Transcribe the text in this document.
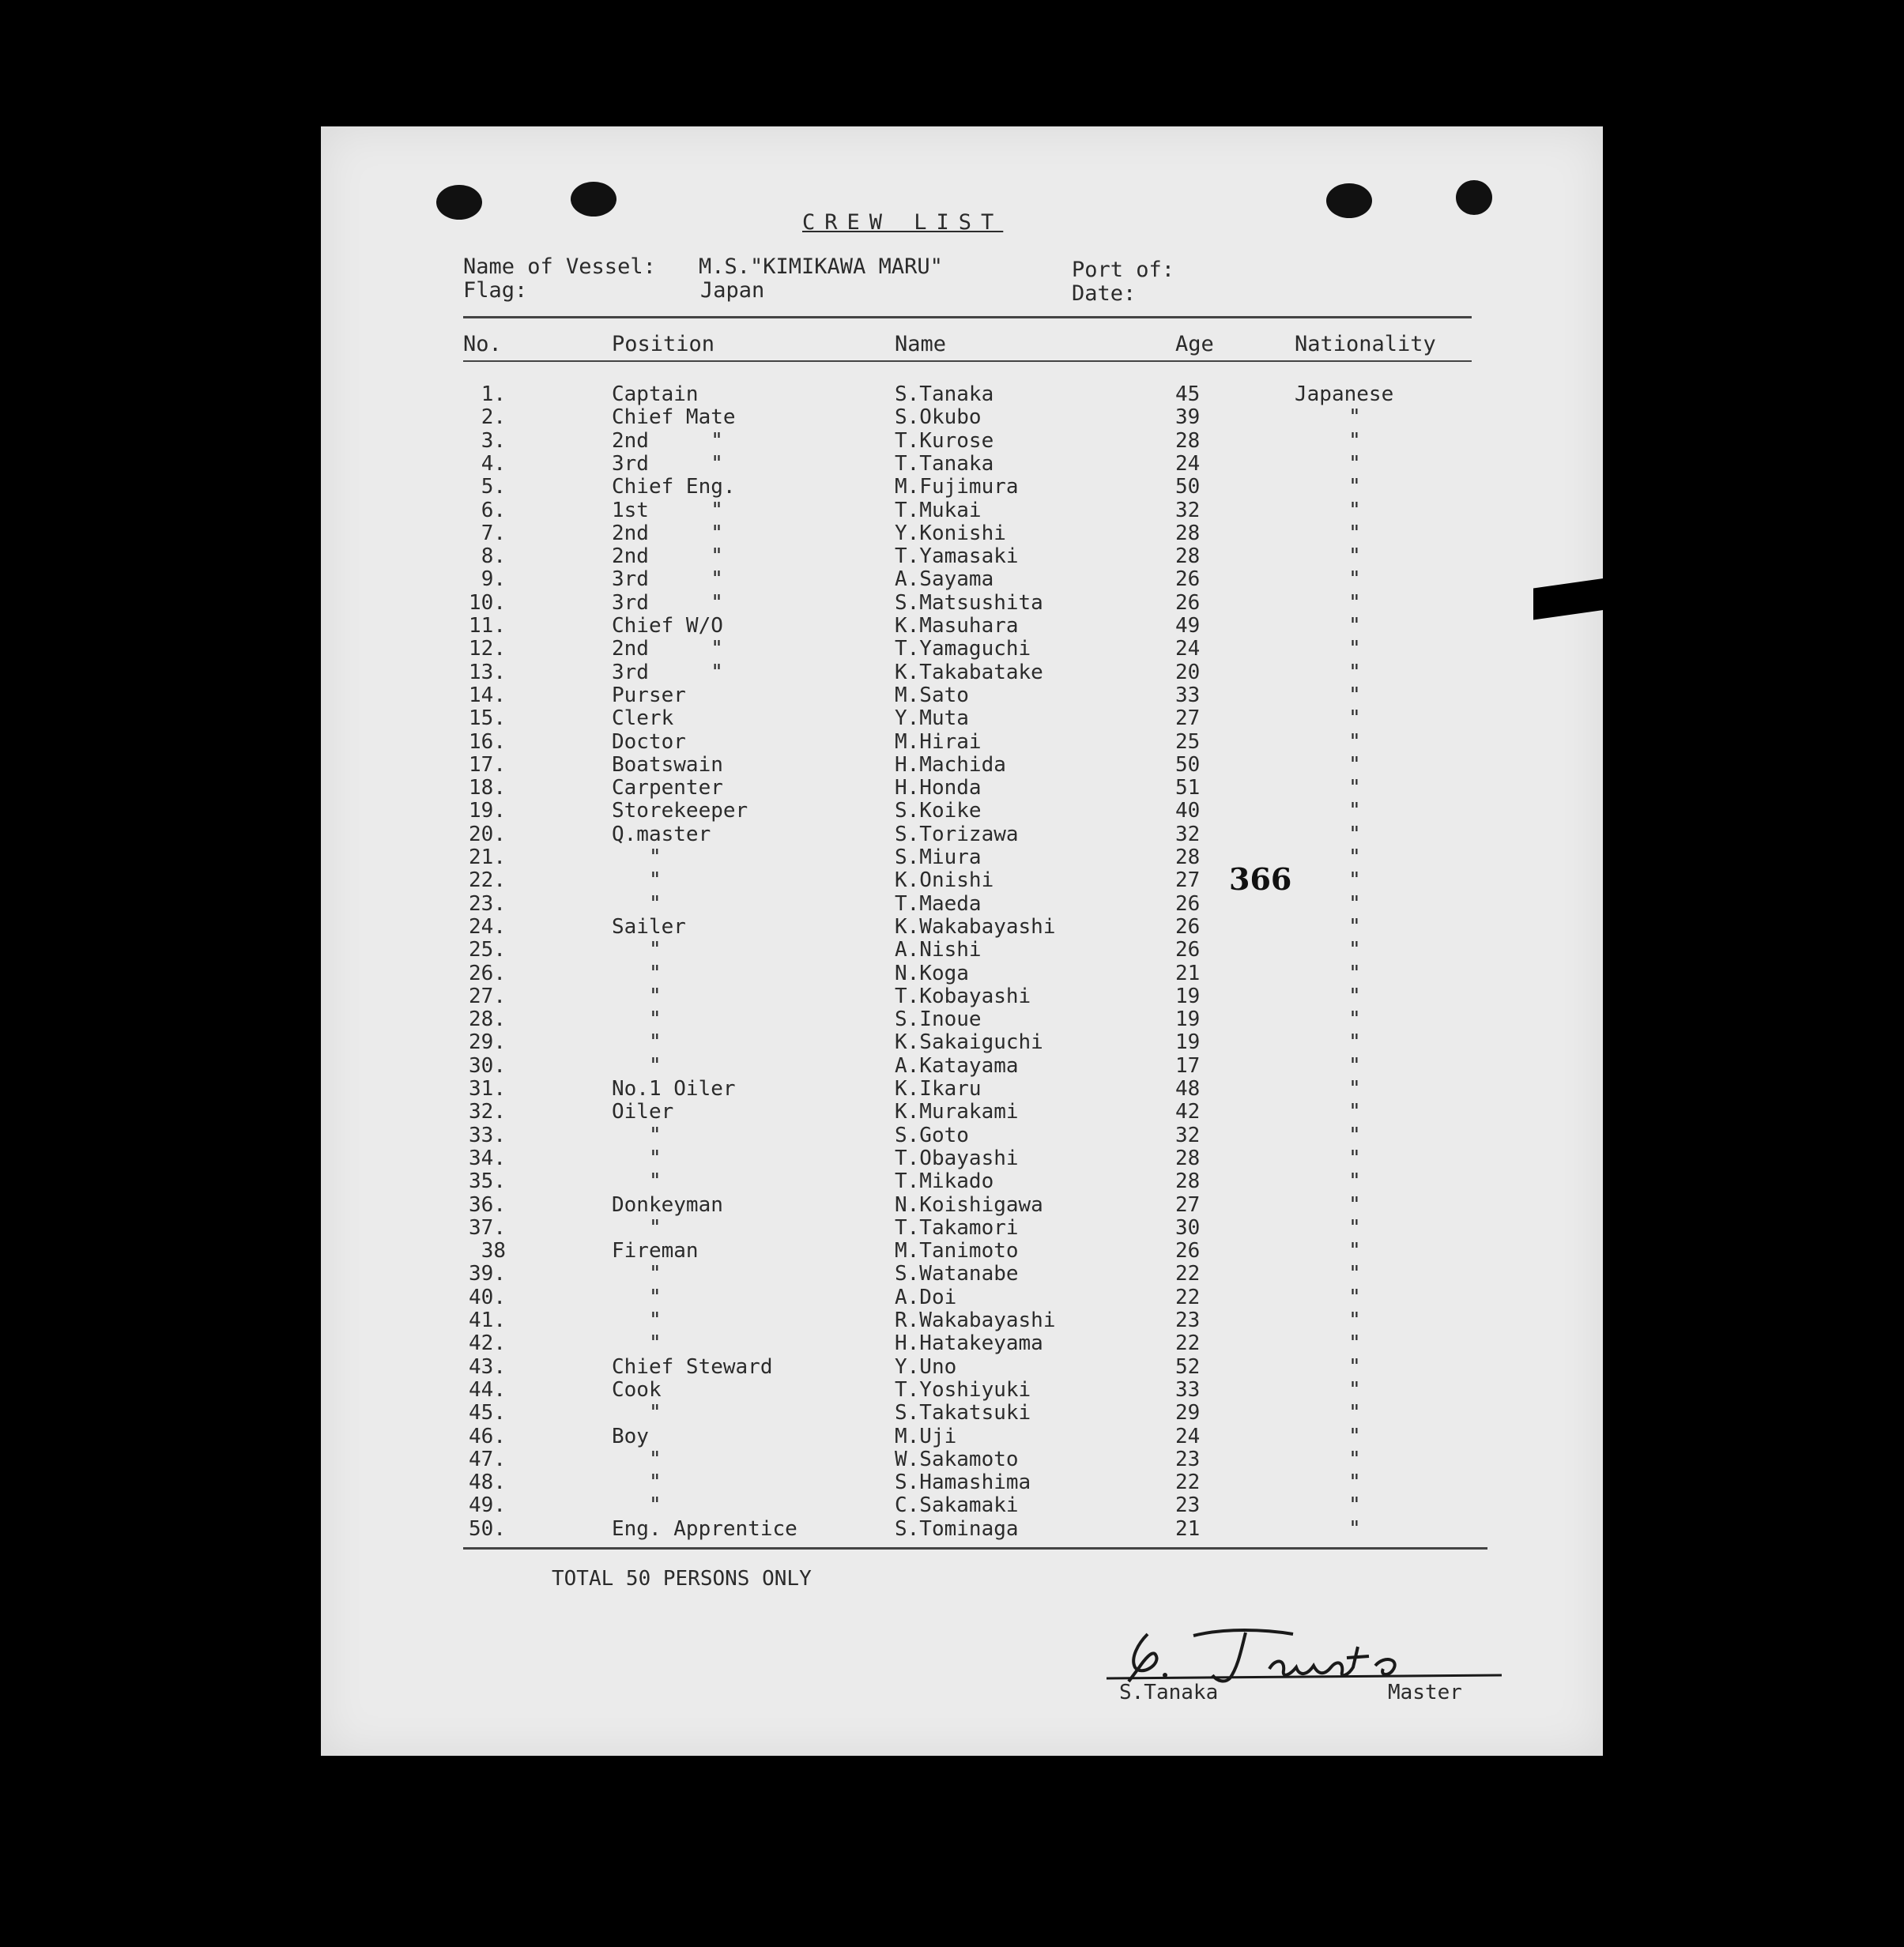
CREW LIST
Name of Vessel: M.S."KIMIKAWA MARU"
Flag:	Japan
Port of:
Date:
No.	Position	Name	Age	Nationality
1.	Captain	S.Tanaka	45	Japanese
2.	Chief Mate	S.Okubo	39	"
3.	2nd     "	T.Kurose	28	"
4.	3rd     "	T.Tanaka	24	"
5.	Chief Eng.	M.Fujimura	50	"
6.	1st     "	T.Mukai	32	"
7.	2nd     "	Y.Konishi	28	"
8.	2nd     "	T.Yamasaki	28	"
9.	3rd     "	A.Sayama	26	"
10.	3rd     "	S.Matsushita	26	"
11.	Chief W/O	K.Masuhara	49	"
12.	2nd     "	T.Yamaguchi	24	"
13.	3rd     "	K.Takabatake	20	"
14.	Purser	M.Sato	33	"
15.	Clerk	Y.Muta	27	"
16.	Doctor	M.Hirai	25	"
17.	Boatswain	H.Machida	50	"
18.	Carpenter	H.Honda	51	"
19.	Storekeeper	S.Koike	40	"
20.	Q.master	S.Torizawa	32	"
21.	"	S.Miura	28	"
22.	"	K.Onishi	27	"
23.	"	T.Maeda	26	"
24.	Sailer	K.Wakabayashi	26	"
25.	"	A.Nishi	26	"
26.	"	N.Koga	21	"
27.	"	T.Kobayashi	19	"
28.	"	S.Inoue	19	"
29.	"	K.Sakaiguchi	19	"
30.	"	A.Katayama	17	"
31.	No.1 Oiler	K.Ikaru	48	"
32.	Oiler	K.Murakami	42	"
33.	"	S.Goto	32	"
34.	"	T.Obayashi	28	"
35.	"	T.Mikado	28	"
36.	Donkeyman	N.Koishigawa	27	"
37.	"	T.Takamori	30	"
38	Fireman	M.Tanimoto	26	"
39.	"	S.Watanabe	22	"
40.	"	A.Doi	22	"
41.	"	R.Wakabayashi	23	"
42.	"	H.Hatakeyama	22	"
43.	Chief Steward	Y.Uno	52	"
44.	Cook	T.Yoshiyuki	33	"
45.	"	S.Takatsuki	29	"
46.	Boy	M.Uji	24	"
47.	"	W.Sakamoto	23	"
48.	"	S.Hamashima	22	"
49.	"	C.Sakamaki	23	"
50.	Eng. Apprentice	S.Tominaga	21	"
366
TOTAL 50 PERSONS ONLY
S.Tanaka	Master
